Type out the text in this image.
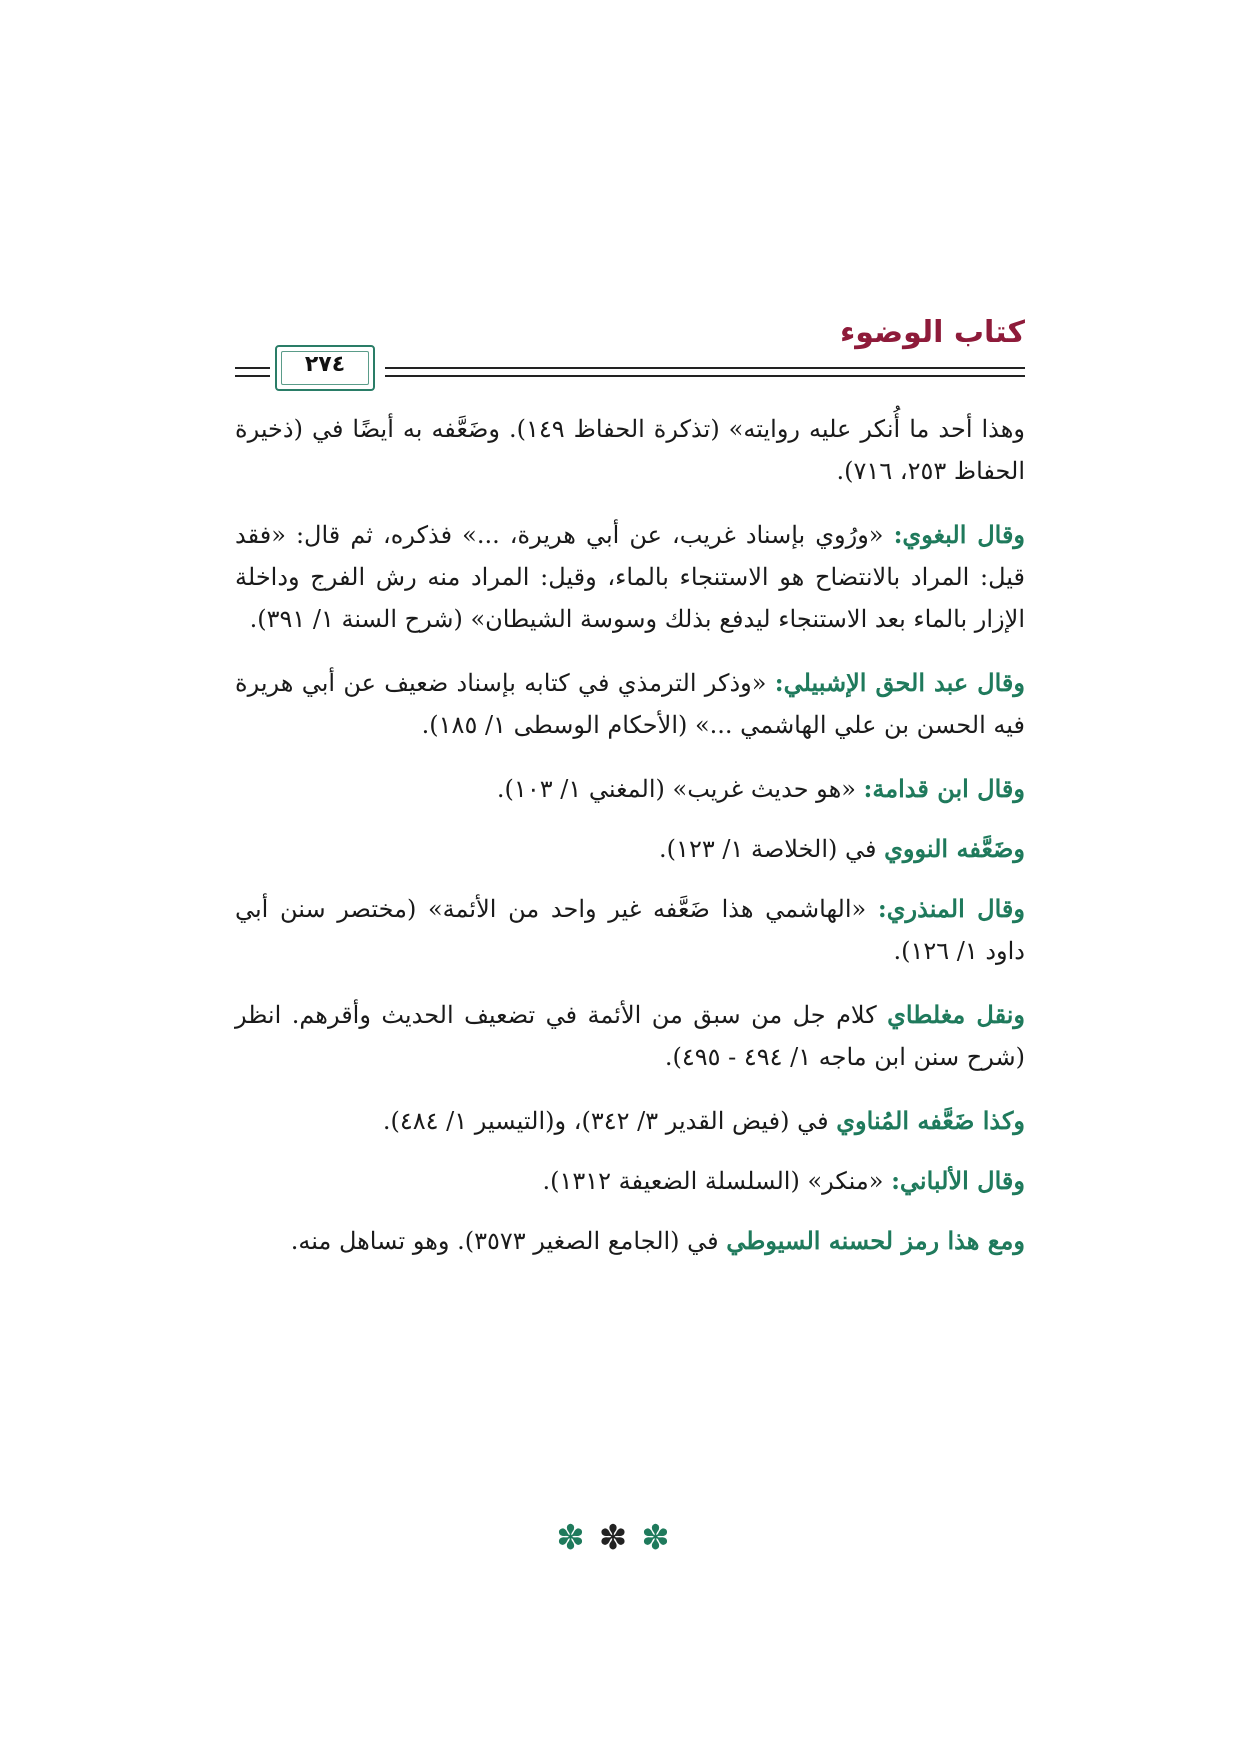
كتاب الوضوء
٢٧٤

وهذا أحد ما أُنكر عليه روايته» (تذكرة الحفاظ ١٤٩). وضَعَّفه به أيضًا في (ذخيرة الحفاظ ٢٥٣، ٧١٦).

وقال البغوي: «ورُوي بإسناد غريب، عن أبي هريرة، ...» فذكره، ثم قال: «فقد قيل: المراد بالانتضاح هو الاستنجاء بالماء، وقيل: المراد منه رش الفرج وداخلة الإزار بالماء بعد الاستنجاء ليدفع بذلك وسوسة الشيطان» (شرح السنة ١/ ٣٩١).

وقال عبد الحق الإشبيلي: «وذكر الترمذي في كتابه بإسناد ضعيف عن أبي هريرة فيه الحسن بن علي الهاشمي ...» (الأحكام الوسطى ١/ ١٨٥).

وقال ابن قدامة: «هو حديث غريب» (المغني ١/ ١٠٣).

وضَعَّفه النووي في (الخلاصة ١/ ١٢٣).

وقال المنذري: «الهاشمي هذا ضَعَّفه غير واحد من الأئمة» (مختصر سنن أبي داود ١/ ١٢٦).

ونقل مغلطاي كلام جل من سبق من الأئمة في تضعيف الحديث وأقرهم. انظر (شرح سنن ابن ماجه ١/ ٤٩٤ - ٤٩٥).

وكذا ضَعَّفه المُناوي في (فيض القدير ٣/ ٣٤٢)، و(التيسير ١/ ٤٨٤).

وقال الألباني: «منكر» (السلسلة الضعيفة ١٣١٢).

ومع هذا رمز لحسنه السيوطي في (الجامع الصغير ٣٥٧٣). وهو تساهل منه.

✽✽✽
